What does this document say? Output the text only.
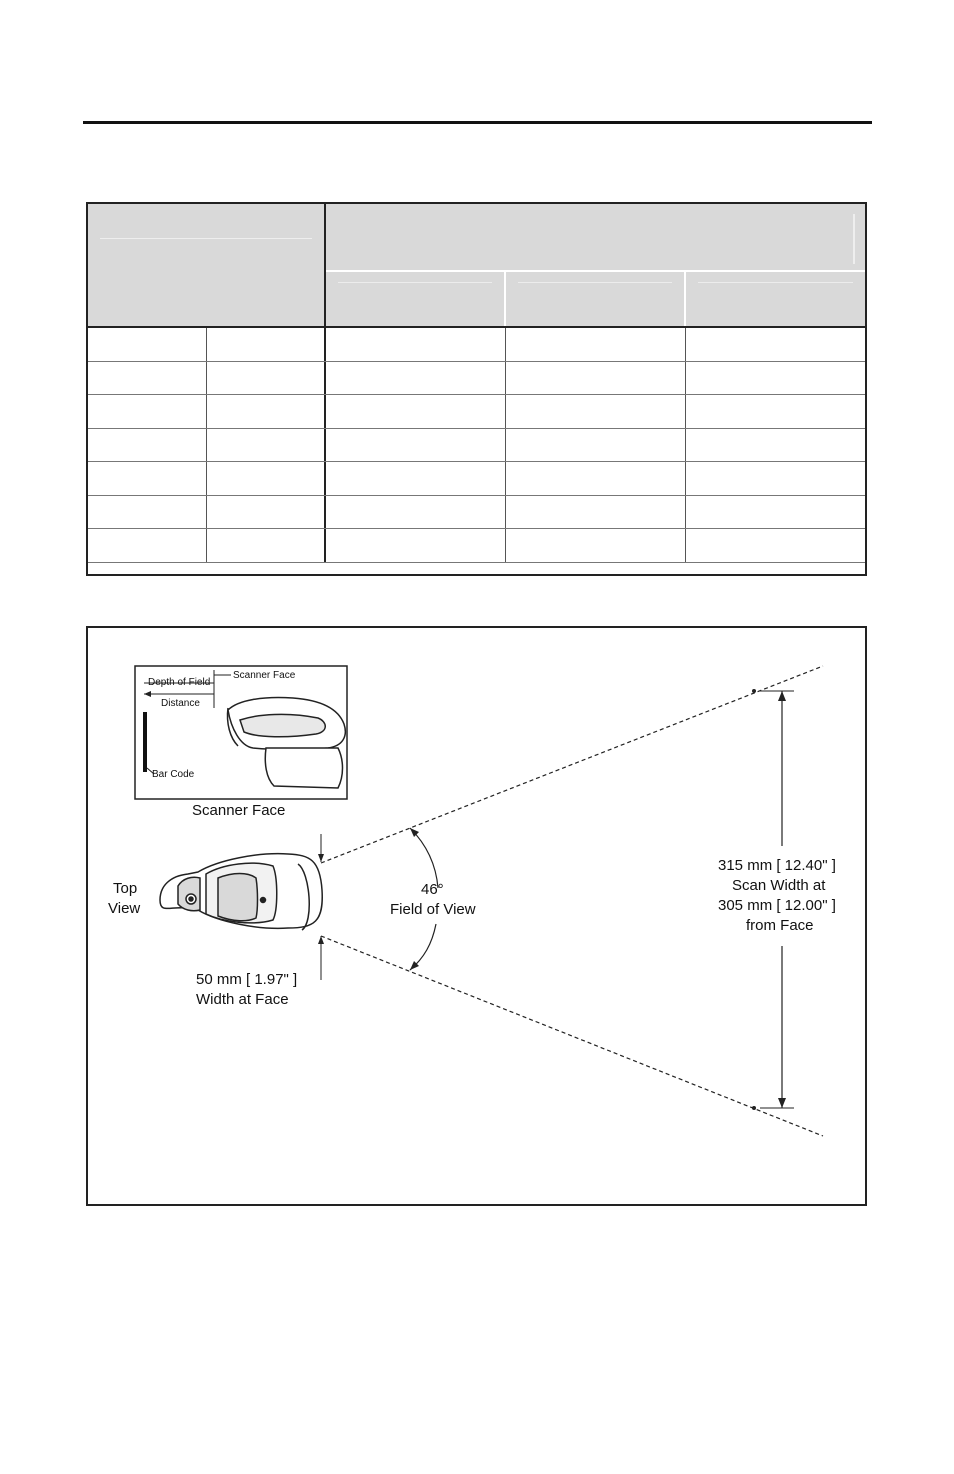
Depth of Field
Scanner Face
Distance
Bar Code
Scanner Face
Top
View
46°
Field of View
50 mm [ 1.97" ]
Width at Face
315 mm [ 12.40" ]
Scan Width at
305 mm [ 12.00" ]
from Face
